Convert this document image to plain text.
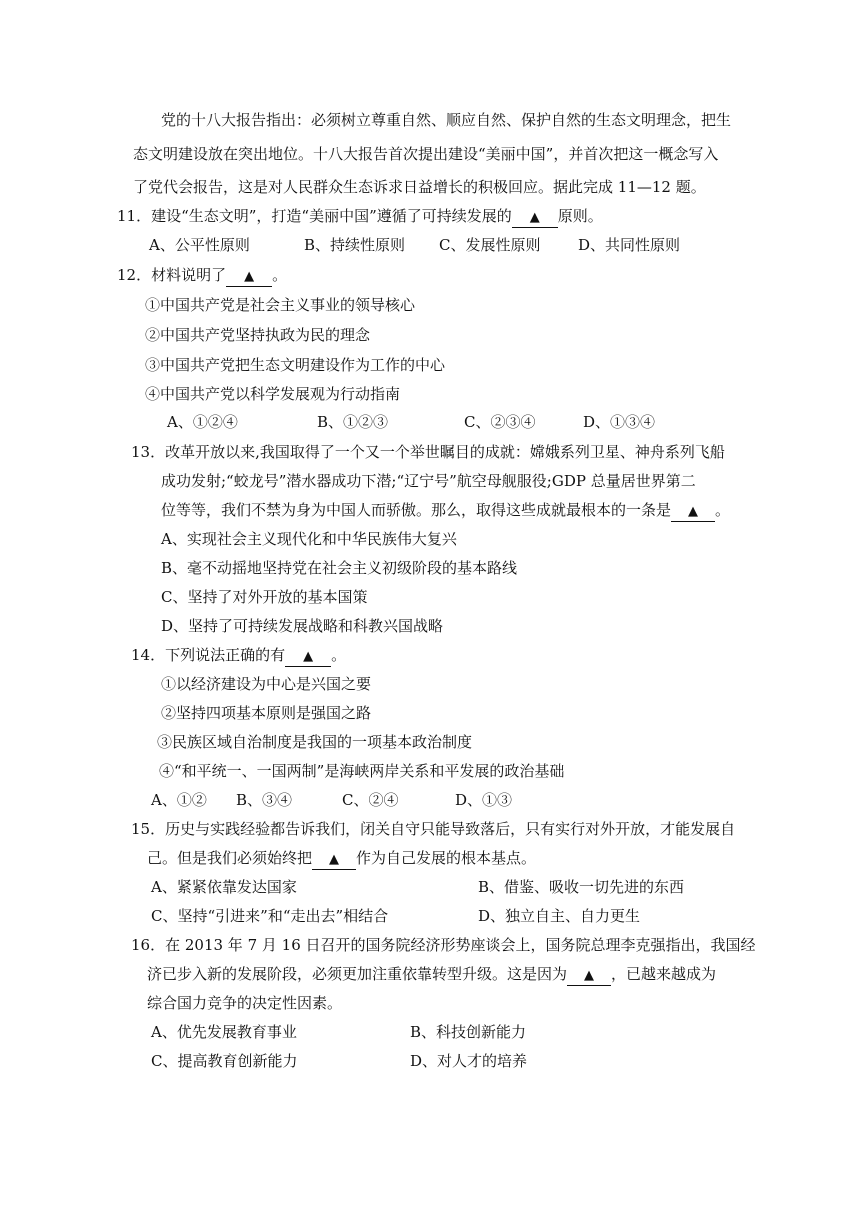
党的十八大报告指出：必须树立尊重自然、顺应自然、保护自然的生态文明理念，把生
态文明建设放在突出地位。十八大报告首次提出建设“美丽中国”，并首次把这一概念写入
了党代会报告，这是对人民群众生态诉求日益增长的积极回应。据此完成 11—12 题。
11．建设“生态文明”，打造“美丽中国”遵循了可持续发展的 ▲ 原则。
A、公平性原则	B、持续性原则 C、发展性原则	D、共同性原则
12．材料说明了 ▲ 。
①中国共产党是社会主义事业的领导核心
②中国共产党坚持执政为民的理念
③中国共产党把生态文明建设作为工作的中心
④中国共产党以科学发展观为行动指南
A、①②④	B、①②③	C、②③④	D、①③④
13．改革开放以来,我国取得了一个又一个举世瞩目的成就：嫦娥系列卫星、神舟系列飞船
成功发射;“蛟龙号”潜水器成功下潜;“辽宁号”航空母舰服役;GDP 总量居世界第二
位等等，我们不禁为身为中国人而骄傲。那么，取得这些成就最根本的一条是 ▲ 。
A、实现社会主义现代化和中华民族伟大复兴
B、毫不动摇地坚持党在社会主义初级阶段的基本路线
C、坚持了对外开放的基本国策
D、坚持了可持续发展战略和科教兴国战略
14．下列说法正确的有 ▲ 。
①以经济建设为中心是兴国之要
②坚持四项基本原则是强国之路
③民族区域自治制度是我国的一项基本政治制度
④“和平统一、一国两制”是海峡两岸关系和平发展的政治基础
A、①② B、③④	C、②④	D、①③
15．历史与实践经验都告诉我们，闭关自守只能导致落后，只有实行对外开放，才能发展自
己。但是我们必须始终把 ▲ 作为自己发展的根本基点。
A、紧紧依靠发达国家	B、借鉴、吸收一切先进的东西
C、坚持“引进来”和“走出去”相结合	D、独立自主、自力更生
16．在 2013 年 7 月 16 日召开的国务院经济形势座谈会上，国务院总理李克强指出，我国经
济已步入新的发展阶段，必须更加注重依靠转型升级。这是因为 ▲ ，已越来越成为
综合国力竞争的决定性因素。
A、优先发展教育事业	B、科技创新能力
C、提高教育创新能力	D、对人才的培养
